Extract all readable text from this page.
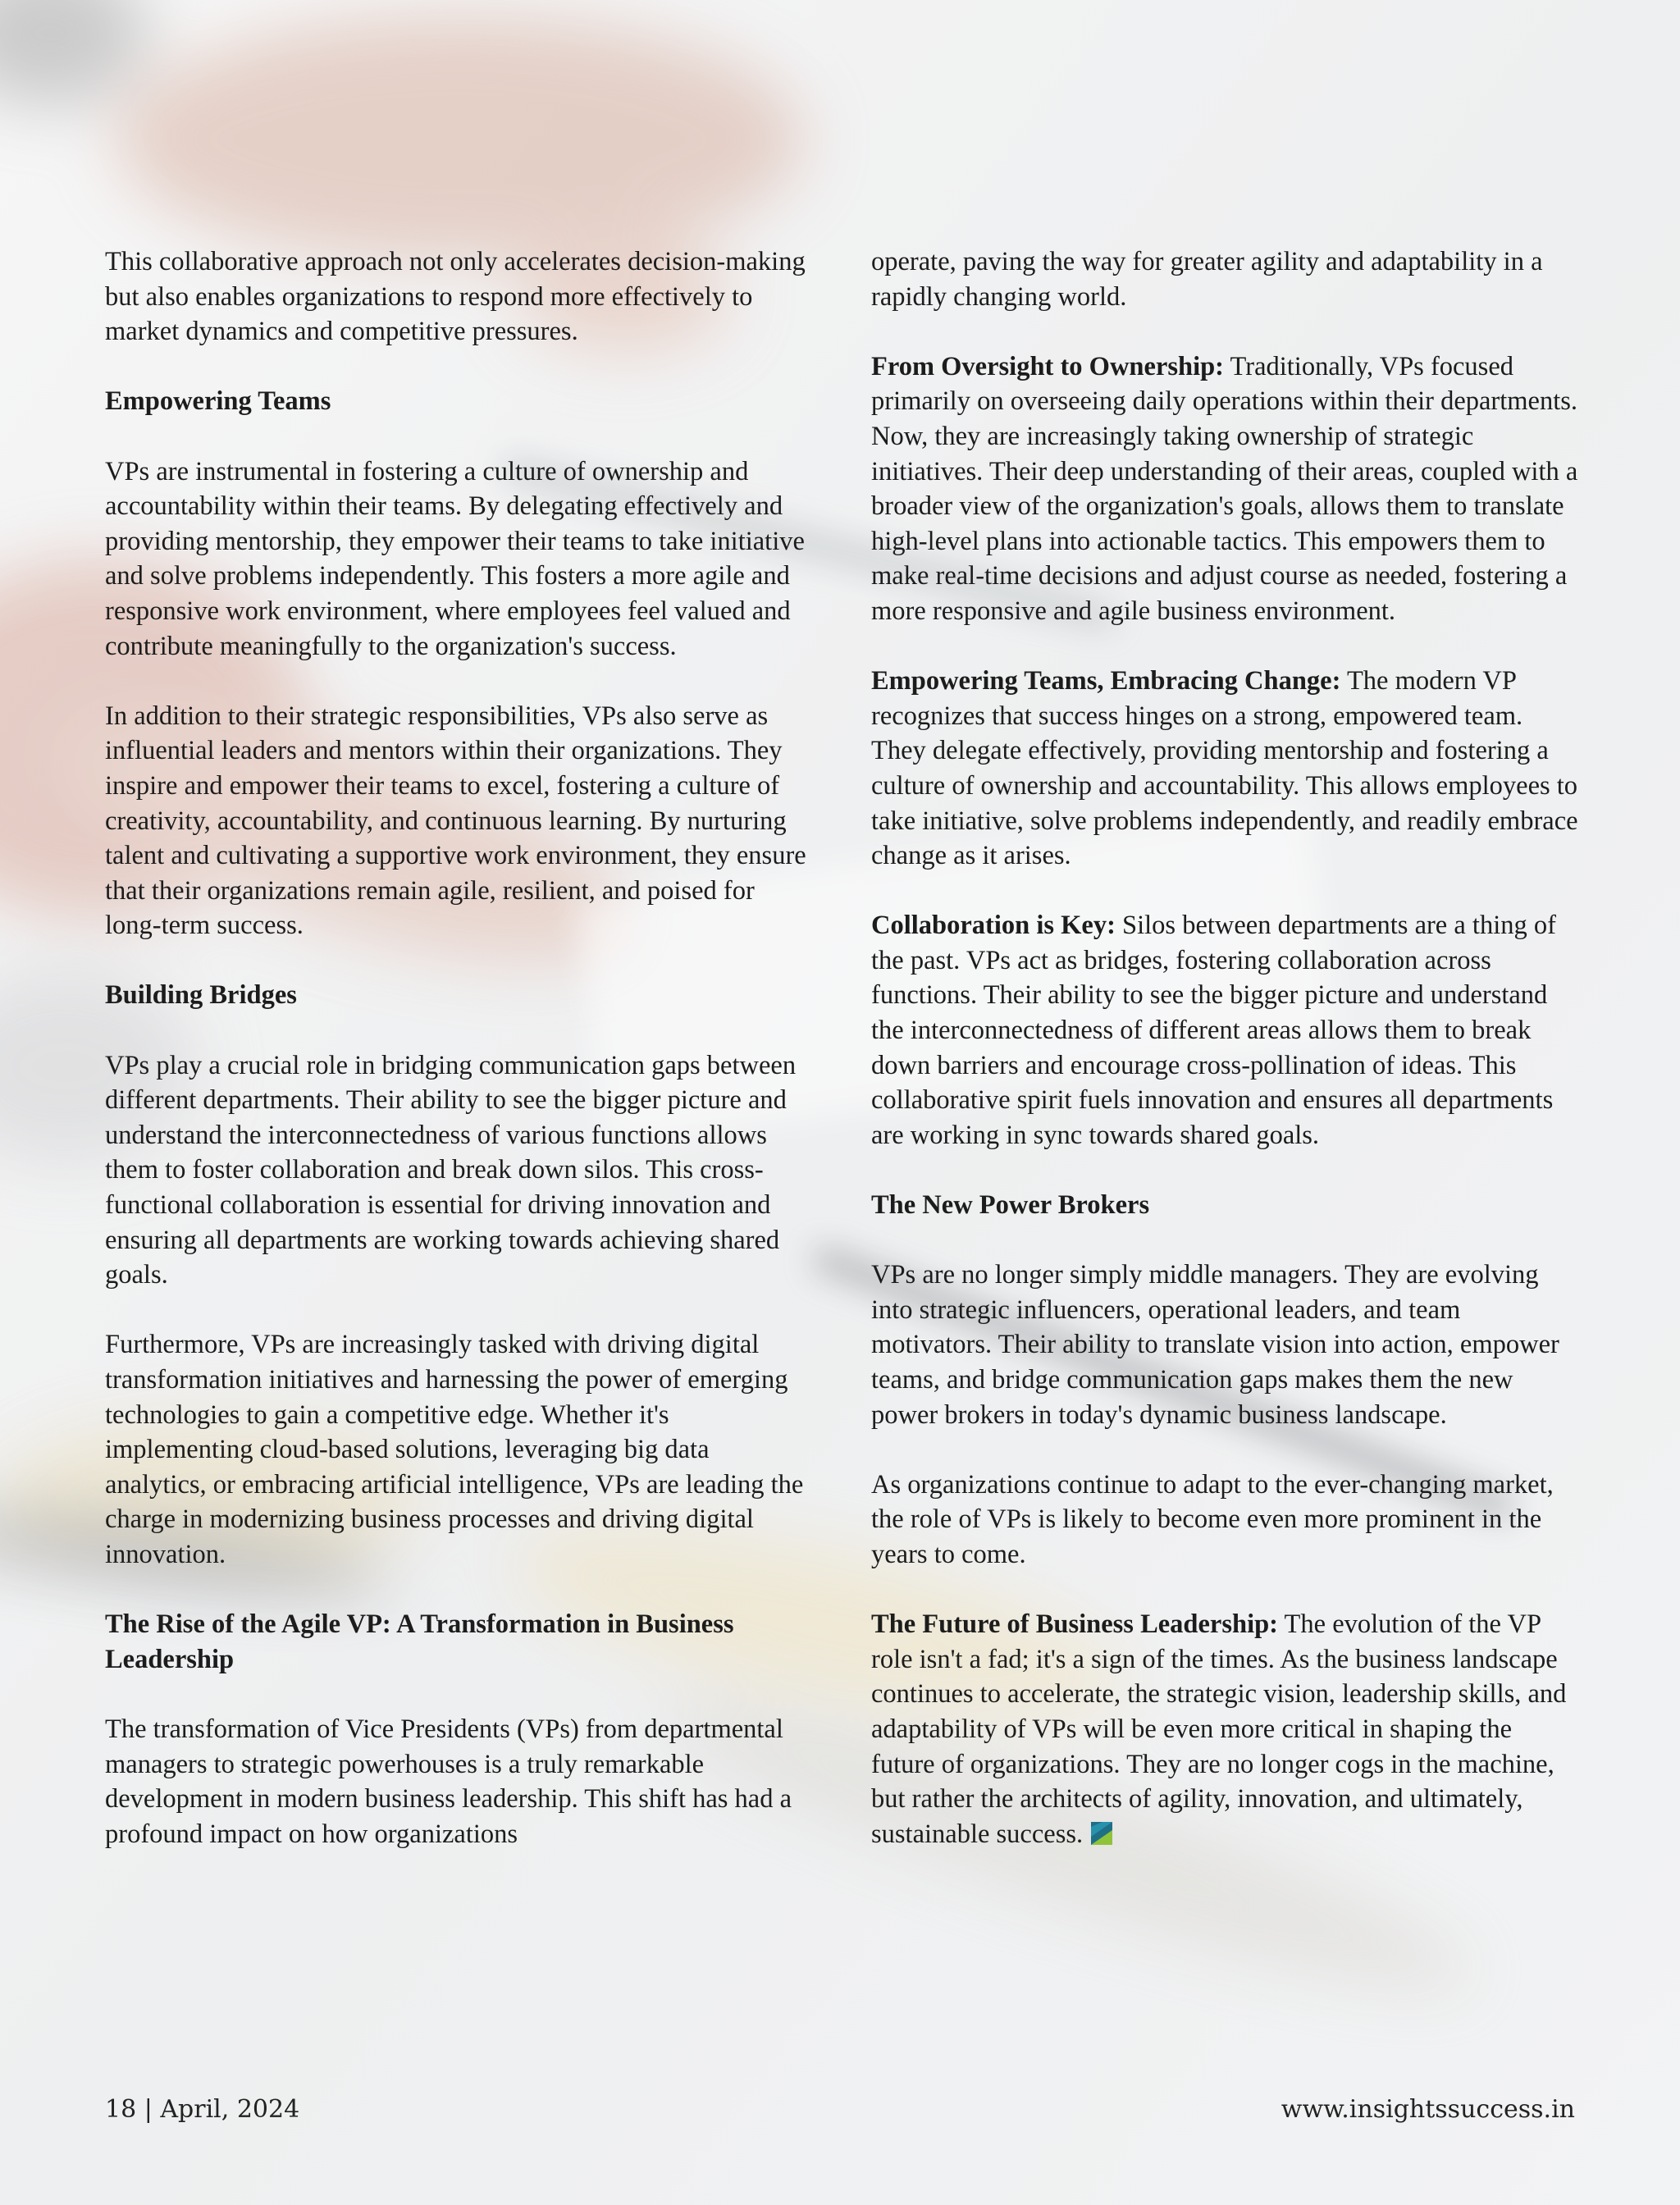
This collaborative approach not only accelerates decision-making but also enables organizations to respond more effectively to market dynamics and competitive pressures.

Empowering Teams

VPs are instrumental in fostering a culture of ownership and accountability within their teams. By delegating effectively and providing mentorship, they empower their teams to take initiative and solve problems independently. This fosters a more agile and responsive work environment, where employees feel valued and contribute meaningfully to the organization's success.

In addition to their strategic responsibilities, VPs also serve as influential leaders and mentors within their organizations. They inspire and empower their teams to excel, fostering a culture of creativity, accountability, and continuous learning. By nurturing talent and cultivating a supportive work environment, they ensure that their organizations remain agile, resilient, and poised for long-term success.

Building Bridges

VPs play a crucial role in bridging communication gaps between different departments. Their ability to see the bigger picture and understand the interconnectedness of various functions allows them to foster collaboration and break down silos. This cross-functional collaboration is essential for driving innovation and ensuring all departments are working towards achieving shared goals.

Furthermore, VPs are increasingly tasked with driving digital transformation initiatives and harnessing the power of emerging technologies to gain a competitive edge. Whether it's implementing cloud-based solutions, leveraging big data analytics, or embracing artificial intelligence, VPs are leading the charge in modernizing business processes and driving digital innovation.

The Rise of the Agile VP: A Transformation in Business Leadership

The transformation of Vice Presidents (VPs) from departmental managers to strategic powerhouses is a truly remarkable development in modern business leadership. This shift has had a profound impact on how organizations

operate, paving the way for greater agility and adaptability in a rapidly changing world.

From Oversight to Ownership: Traditionally, VPs focused primarily on overseeing daily operations within their departments. Now, they are increasingly taking ownership of strategic initiatives. Their deep understanding of their areas, coupled with a broader view of the organization's goals, allows them to translate high-level plans into actionable tactics. This empowers them to make real-time decisions and adjust course as needed, fostering a more responsive and agile business environment.

Empowering Teams, Embracing Change: The modern VP recognizes that success hinges on a strong, empowered team. They delegate effectively, providing mentorship and fostering a culture of ownership and accountability. This allows employees to take initiative, solve problems independently, and readily embrace change as it arises.

Collaboration is Key: Silos between departments are a thing of the past. VPs act as bridges, fostering collaboration across functions. Their ability to see the bigger picture and understand the interconnectedness of different areas allows them to break down barriers and encourage cross-pollination of ideas. This collaborative spirit fuels innovation and ensures all departments are working in sync towards shared goals.

The New Power Brokers

VPs are no longer simply middle managers. They are evolving into strategic influencers, operational leaders, and team motivators. Their ability to translate vision into action, empower teams, and bridge communication gaps makes them the new power brokers in today's dynamic business landscape.

As organizations continue to adapt to the ever-changing market, the role of VPs is likely to become even more prominent in the years to come.

The Future of Business Leadership: The evolution of the VP role isn't a fad; it's a sign of the times. As the business landscape continues to accelerate, the strategic vision, leadership skills, and adaptability of VPs will be even more critical in shaping the future of organizations. They are no longer cogs in the machine, but rather the architects of agility, innovation, and ultimately, sustainable success.

18 | April, 2024	www.insightssuccess.in
